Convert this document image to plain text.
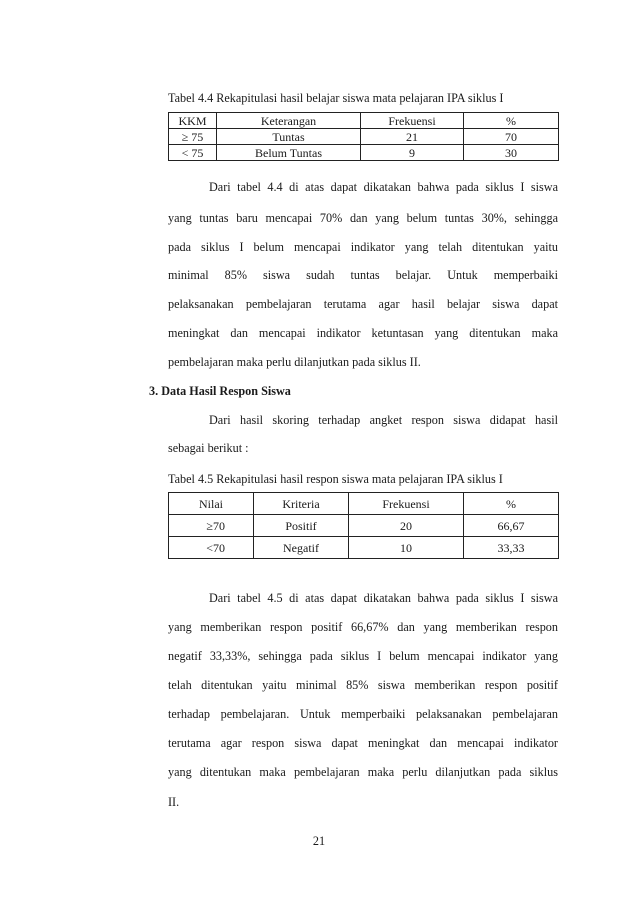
Tabel 4.4 Rekapitulasi hasil belajar siswa mata pelajaran IPA siklus I
KKM	Keterangan	Frekuensi	%
≥ 75	Tuntas	21	70
< 75	Belum Tuntas	9	30
Dari tabel 4.4 di atas dapat dikatakan bahwa pada siklus I siswa
yang tuntas baru mencapai 70% dan yang belum tuntas 30%, sehingga
pada siklus I belum mencapai indikator yang telah ditentukan yaitu
minimal 85% siswa sudah tuntas belajar. Untuk memperbaiki
pelaksanakan pembelajaran terutama agar hasil belajar siswa dapat
meningkat dan mencapai indikator ketuntasan yang ditentukan maka
pembelajaran maka perlu dilanjutkan pada siklus II.
3. Data Hasil Respon Siswa
Dari hasil skoring terhadap angket respon siswa didapat hasil
sebagai berikut :
Tabel 4.5 Rekapitulasi hasil respon siswa mata pelajaran IPA siklus I
Nilai	Kriteria	Frekuensi	%
≥70	Positif	20	66,67
<70	Negatif	10	33,33
Dari tabel 4.5 di atas dapat dikatakan bahwa pada siklus I siswa
yang memberikan respon positif 66,67% dan yang memberikan respon
negatif 33,33%, sehingga pada siklus I belum mencapai indikator yang
telah ditentukan yaitu minimal 85% siswa memberikan respon positif
terhadap pembelajaran. Untuk memperbaiki pelaksanakan pembelajaran
terutama agar respon siswa dapat meningkat dan mencapai indikator
yang ditentukan maka pembelajaran maka perlu dilanjutkan pada siklus
II.
21
